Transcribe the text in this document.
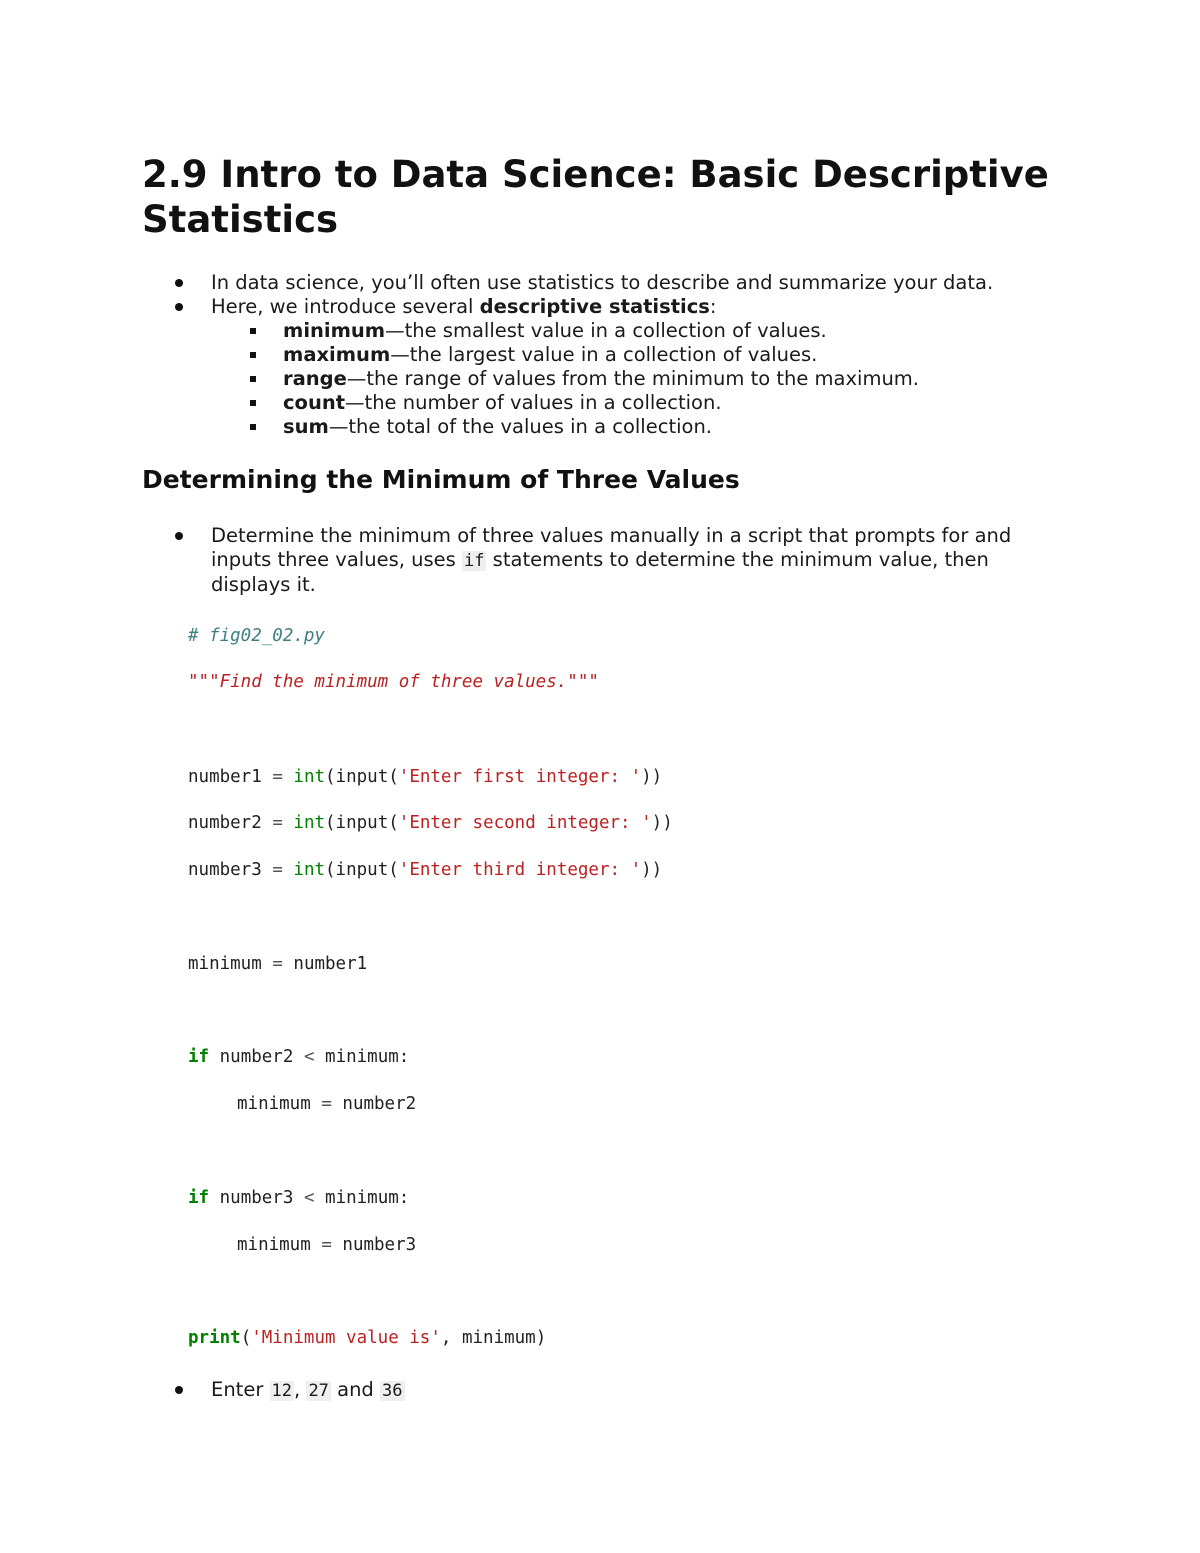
2.9 Intro to Data Science: Basic Descriptive Statistics
In data science, you’ll often use statistics to describe and summarize your data.
Here, we introduce several descriptive statistics:
minimum—the smallest value in a collection of values.
maximum—the largest value in a collection of values.
range—the range of values from the minimum to the maximum.
count—the number of values in a collection.
sum—the total of the values in a collection.
Determining the Minimum of Three Values
Determine the minimum of three values manually in a script that prompts for and
inputs three values, uses if statements to determine the minimum value, then
displays it.
# fig02_02.py
"""Find the minimum of three values."""
number1 = int(input('Enter first integer: '))
number2 = int(input('Enter second integer: '))
number3 = int(input('Enter third integer: '))
minimum = number1
if number2 < minimum:
minimum = number2
if number3 < minimum:
minimum = number3
print('Minimum value is', minimum)
Enter 12 , 27 and 36
